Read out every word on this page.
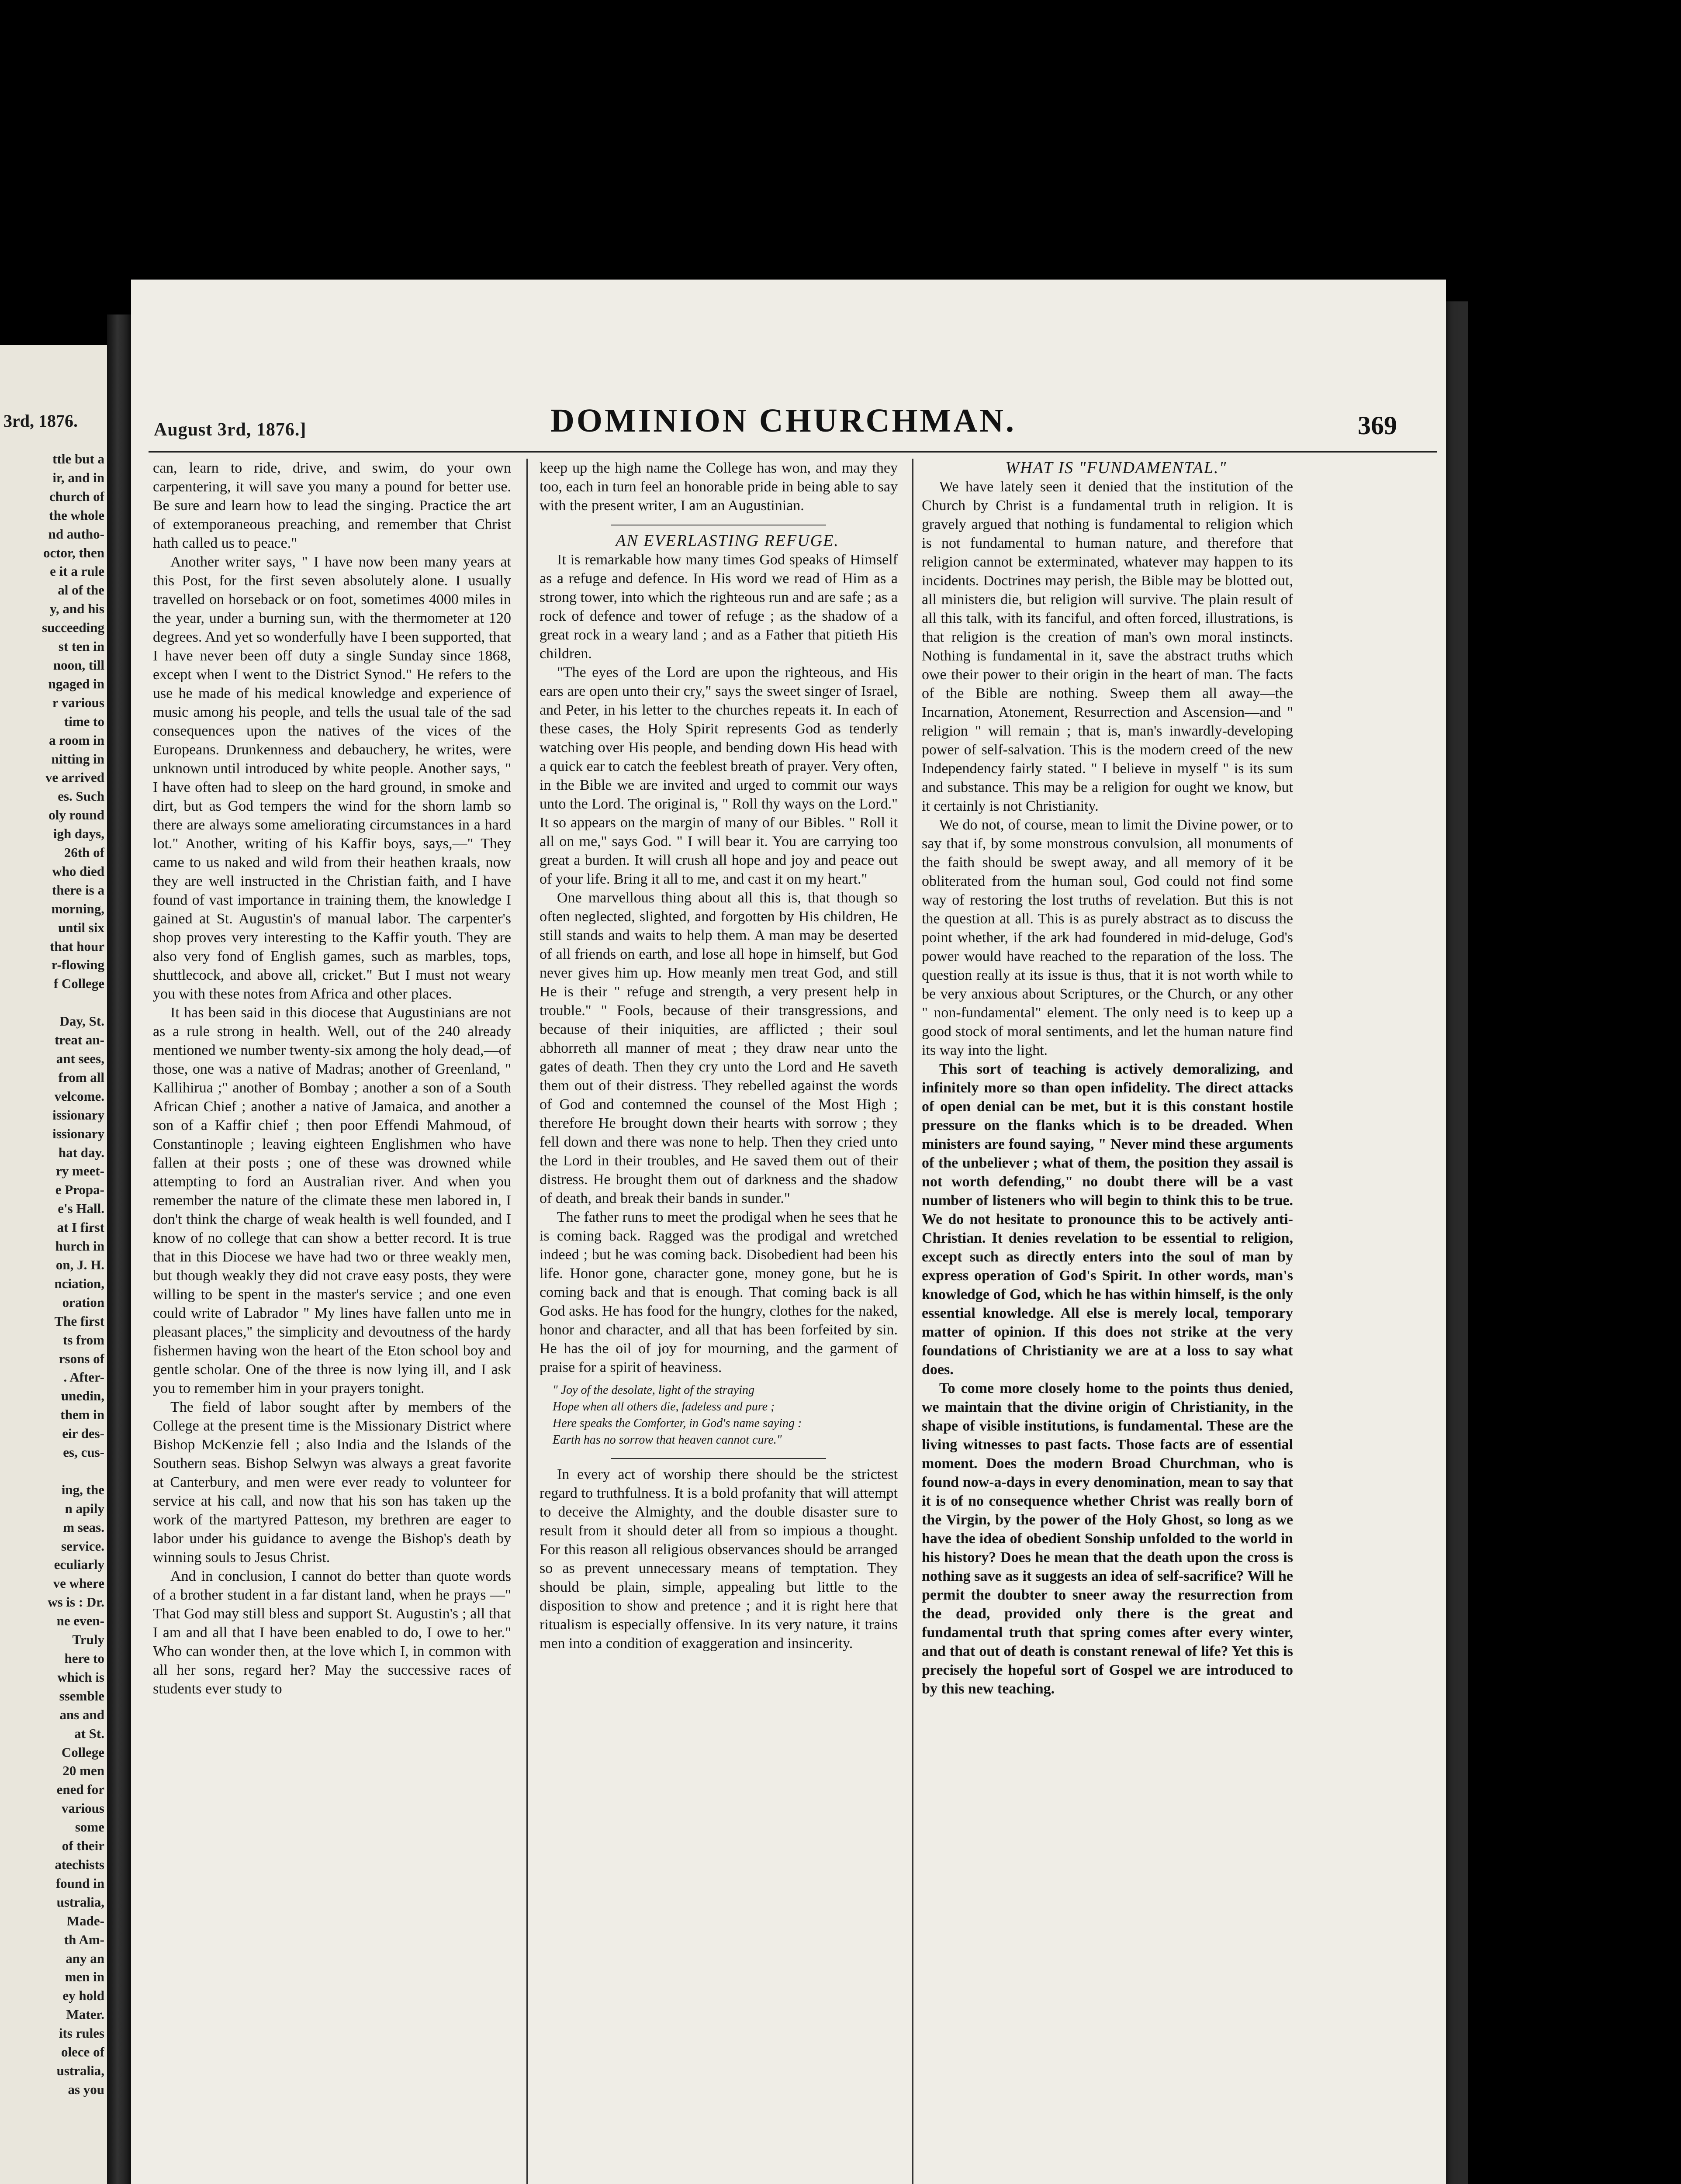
3rd, 1876.
ttle but a
ir, and in
church of
the whole
nd autho-
octor, then
e it a rule
al of the
y, and his
succeeding
st ten in
noon, till
ngaged in
r various
time to
a room in
nitting in
ve arrived
es. Such
oly round
igh days,
26th of
who died
there is a
morning,
until six
that hour
r-flowing
f College

Day, St.
treat an-
ant sees,
from all
velcome.
issionary
issionary
hat day.
ry meet-
e Propa-
e's Hall.
at I first
hurch in
on, J. H.
nciation,
oration
The first
ts from
rsons of
. After-
unedin,
them in
eir des-
es, cus-

ing, the
n apily
m seas.
service.
eculiarly
ve where
ws is : Dr.
ne even-
Truly
here to
which is
ssemble
ans and
at St.
College
20 men
ened for
various
some
of their
atechists
found in
ustralia,
Made-
th Am-
any an
men in
ey hold
Mater.
its rules
olece of
ustralia,
as you
August 3rd, 1876.]	DOMINION CHURCHMAN.	369

can, learn to ride, drive, and swim, do your own carpentering, it will save you many a pound for better use. Be sure and learn how to lead the singing. Practice the art of extemporaneous preaching, and remember that Christ hath called us to peace."

Another writer says, " I have now been many years at this Post, for the first seven absolutely alone. I usually travelled on horseback or on foot, sometimes 4000 miles in the year, under a burning sun, with the thermometer at 120 degrees. And yet so wonderfully have I been supported, that I have never been off duty a single Sunday since 1868, except when I went to the District Synod." He refers to the use he made of his medical knowledge and experience of music among his people, and tells the usual tale of the sad consequences upon the natives of the vices of the Europeans. Drunkenness and debauchery, he writes, were unknown until introduced by white people. Another says, " I have often had to sleep on the hard ground, in smoke and dirt, but as God tempers the wind for the shorn lamb so there are always some ameliorating circumstances in a hard lot." Another, writing of his Kaffir boys, says,—" They came to us naked and wild from their heathen kraals, now they are well instructed in the Christian faith, and I have found of vast importance in training them, the knowledge I gained at St. Augustin's of manual labor. The carpenter's shop proves very interesting to the Kaffir youth. They are also very fond of English games, such as marbles, tops, shuttlecock, and above all, cricket." But I must not weary you with these notes from Africa and other places.

It has been said in this diocese that Augustinians are not as a rule strong in health. Well, out of the 240 already mentioned we number twenty-six among the holy dead,—of those, one was a native of Madras; another of Greenland, " Kallihirua ;" another of Bombay ; another a son of a South African Chief ; another a native of Jamaica, and another a son of a Kaffir chief ; then poor Effendi Mahmoud, of Constantinople ; leaving eighteen Englishmen who have fallen at their posts ; one of these was drowned while attempting to ford an Australian river. And when you remember the nature of the climate these men labored in, I don't think the charge of weak health is well founded, and I know of no college that can show a better record. It is true that in this Diocese we have had two or three weakly men, but though weakly they did not crave easy posts, they were willing to be spent in the master's service ; and one even could write of Labrador " My lines have fallen unto me in pleasant places," the simplicity and devoutness of the hardy fishermen having won the heart of the Eton school boy and gentle scholar. One of the three is now lying ill, and I ask you to remember him in your prayers tonight.

The field of labor sought after by members of the College at the present time is the Missionary District where Bishop McKenzie fell ; also India and the Islands of the Southern seas. Bishop Selwyn was always a great favorite at Canterbury, and men were ever ready to volunteer for service at his call, and now that his son has taken up the work of the martyred Patteson, my brethren are eager to labor under his guidance to avenge the Bishop's death by winning souls to Jesus Christ.

And in conclusion, I cannot do better than quote words of a brother student in a far distant land, when he prays —" That God may still bless and support St. Augustin's ; all that I am and all that I have been enabled to do, I owe to her." Who can wonder then, at the love which I, in common with all her sons, regard her? May the successive races of students ever study to

keep up the high name the College has won, and may they too, each in turn feel an honorable pride in being able to say with the present writer, I am an Augustinian.

AN EVERLASTING REFUGE.

It is remarkable how many times God speaks of Himself as a refuge and defence. In His word we read of Him as a strong tower, into which the righteous run and are safe ; as a rock of defence and tower of refuge ; as the shadow of a great rock in a weary land ; and as a Father that pitieth His children.

"The eyes of the Lord are upon the righteous, and His ears are open unto their cry," says the sweet singer of Israel, and Peter, in his letter to the churches repeats it. In each of these cases, the Holy Spirit represents God as tenderly watching over His people, and bending down His head with a quick ear to catch the feeblest breath of prayer. Very often, in the Bible we are invited and urged to commit our ways unto the Lord. The original is, " Roll thy ways on the Lord." It so appears on the margin of many of our Bibles. " Roll it all on me," says God. " I will bear it. You are carrying too great a burden. It will crush all hope and joy and peace out of your life. Bring it all to me, and cast it on my heart."

One marvellous thing about all this is, that though so often neglected, slighted, and forgotten by His children, He still stands and waits to help them. A man may be deserted of all friends on earth, and lose all hope in himself, but God never gives him up. How meanly men treat God, and still He is their " refuge and strength, a very present help in trouble." " Fools, because of their transgressions, and because of their iniquities, are afflicted ; their soul abhorreth all manner of meat ; they draw near unto the gates of death. Then they cry unto the Lord and He saveth them out of their distress. They rebelled against the words of God and contemned the counsel of the Most High ; therefore He brought down their hearts with sorrow ; they fell down and there was none to help. Then they cried unto the Lord in their troubles, and He saved them out of their distress. He brought them out of darkness and the shadow of death, and break their bands in sunder."

The father runs to meet the prodigal when he sees that he is coming back. Ragged was the prodigal and wretched indeed ; but he was coming back. Disobedient had been his life. Honor gone, character gone, money gone, but he is coming back and that is enough. That coming back is all God asks. He has food for the hungry, clothes for the naked, honor and character, and all that has been forfeited by sin. He has the oil of joy for mourning, and the garment of praise for a spirit of heaviness.

" Joy of the desolate, light of the straying
Hope when all others die, fadeless and pure ;
Here speaks the Comforter, in God's name saying :
Earth has no sorrow that heaven cannot cure."

In every act of worship there should be the strictest regard to truthfulness. It is a bold profanity that will attempt to deceive the Almighty, and the double disaster sure to result from it should deter all from so impious a thought. For this reason all religious observances should be arranged so as prevent unnecessary means of temptation. They should be plain, simple, appealing but little to the disposition to show and pretence ; and it is right here that ritualism is especially offensive. In its very nature, it trains men into a condition of exaggeration and insincerity.

WHAT IS "FUNDAMENTAL."

We have lately seen it denied that the institution of the Church by Christ is a fundamental truth in religion. It is gravely argued that nothing is fundamental to religion which is not fundamental to human nature, and therefore that religion cannot be exterminated, whatever may happen to its incidents. Doctrines may perish, the Bible may be blotted out, all ministers die, but religion will survive. The plain result of all this talk, with its fanciful, and often forced, illustrations, is that religion is the creation of man's own moral instincts. Nothing is fundamental in it, save the abstract truths which owe their power to their origin in the heart of man. The facts of the Bible are nothing. Sweep them all away—the Incarnation, Atonement, Resurrection and Ascension—and " religion " will remain ; that is, man's inwardly-developing power of self-salvation. This is the modern creed of the new Independency fairly stated. " I believe in myself " is its sum and substance. This may be a religion for ought we know, but it certainly is not Christianity.

We do not, of course, mean to limit the Divine power, or to say that if, by some monstrous convulsion, all monuments of the faith should be swept away, and all memory of it be obliterated from the human soul, God could not find some way of restoring the lost truths of revelation. But this is not the question at all. This is as purely abstract as to discuss the point whether, if the ark had foundered in mid-deluge, God's power would have reached to the reparation of the loss. The question really at its issue is thus, that it is not worth while to be very anxious about Scriptures, or the Church, or any other " non-fundamental" element. The only need is to keep up a good stock of moral sentiments, and let the human nature find its way into the light.

This sort of teaching is actively demoralizing, and infinitely more so than open infidelity. The direct attacks of open denial can be met, but it is this constant hostile pressure on the flanks which is to be dreaded. When ministers are found saying, " Never mind these arguments of the unbeliever ; what of them, the position they assail is not worth defending," no doubt there will be a vast number of listeners who will begin to think this to be true. We do not hesitate to pronounce this to be actively anti-Christian. It denies revelation to be essential to religion, except such as directly enters into the soul of man by express operation of God's Spirit. In other words, man's knowledge of God, which he has within himself, is the only essential knowledge. All else is merely local, temporary matter of opinion. If this does not strike at the very foundations of Christianity we are at a loss to say what does.

To come more closely home to the points thus denied, we maintain that the divine origin of Christianity, in the shape of visible institutions, is fundamental. These are the living witnesses to past facts. Those facts are of essential moment. Does the modern Broad Churchman, who is found now-a-days in every denomination, mean to say that it is of no consequence whether Christ was really born of the Virgin, by the power of the Holy Ghost, so long as we have the idea of obedient Sonship unfolded to the world in his history? Does he mean that the death upon the cross is nothing save as it suggests an idea of self-sacrifice? Will he permit the doubter to sneer away the resurrection from the dead, provided only there is the great and fundamental truth that spring comes after every winter, and that out of death is constant renewal of life? Yet this is precisely the hopeful sort of Gospel we are introduced to by this new teaching.
